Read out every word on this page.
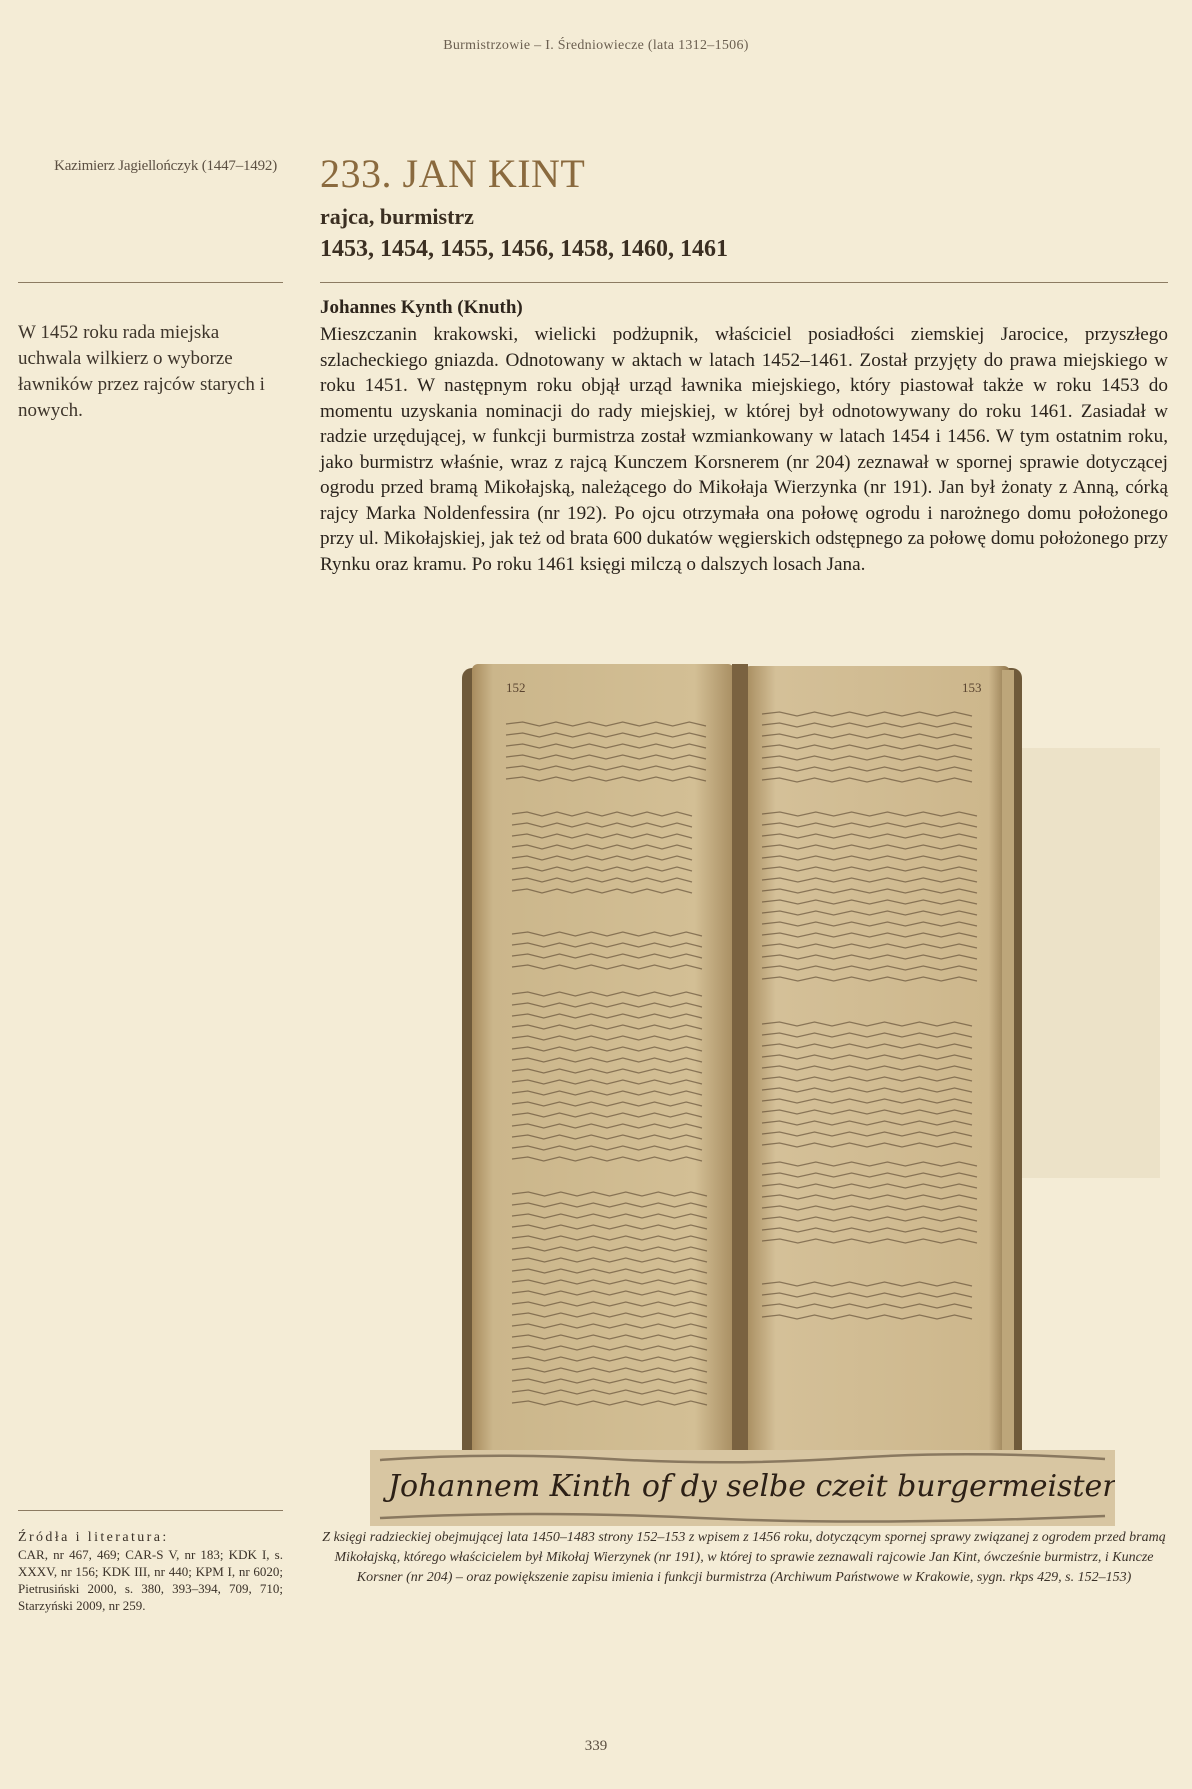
Burmistrzowie – I. Średniowiecze (lata 1312–1506)
Kazimierz Jagiellończyk (1447–1492)
W 1452 roku rada miejska uchwala wilkierz o wyborze ławników przez rajców starych i nowych.
Źródła i literatura:
CAR, nr 467, 469; CAR-S V, nr 183; KDK I, s. XXXV, nr 156; KDK III, nr 440; KPM I, nr 6020; Pietrusiński 2000, s. 380, 393–394, 709, 710; Starzyński 2009, nr 259.
233. JAN KINT
rajca, burmistrz
1453, 1454, 1455, 1456, 1458, 1460, 1461
Johannes Kynth (Knuth)
Mieszczanin krakowski, wielicki podżupnik, właściciel posiadłości ziemskiej Jarocice, przyszłego szlacheckiego gniazda. Odnotowany w aktach w latach 1452–1461. Został przyjęty do prawa miejskiego w roku 1451. W następnym roku objął urząd ławnika miejskiego, który piastował także w roku 1453 do momentu uzyskania nominacji do rady miejskiej, w której był odnotowywany do roku 1461. Zasiadał w radzie urzędującej, w funkcji burmistrza został wzmiankowany w latach 1454 i 1456. W tym ostatnim roku, jako burmistrz właśnie, wraz z rajcą Kunczem Korsnerem (nr 204) zeznawał w spornej sprawie dotyczącej ogrodu przed bramą Mikołajską, należącego do Mikołaja Wierzynka (nr 191). Jan był żonaty z Anną, córką rajcy Marka Noldenfessira (nr 192). Po ojcu otrzymała ona połowę ogrodu i narożnego domu położonego przy ul. Mikołajskiej, jak też od brata 600 dukatów węgierskich odstępnego za połowę domu położonego przy Rynku oraz kramu. Po roku 1461 księgi milczą o dalszych losach Jana.
152	153
Johannem Kinth of dy selbe czeit burgermeister
Z księgi radzieckiej obejmującej lata 1450–1483 strony 152–153 z wpisem z 1456 roku, dotyczącym spornej sprawy związanej z ogrodem przed bramą Mikołajską, którego właścicielem był Mikołaj Wierzynek (nr 191), w której to sprawie zeznawali rajcowie Jan Kint, ówcześnie burmistrz, i Kuncze Korsner (nr 204) – oraz powiększenie zapisu imienia i funkcji burmistrza (Archiwum Państwowe w Krakowie, sygn. rkps 429, s. 152–153)
339
